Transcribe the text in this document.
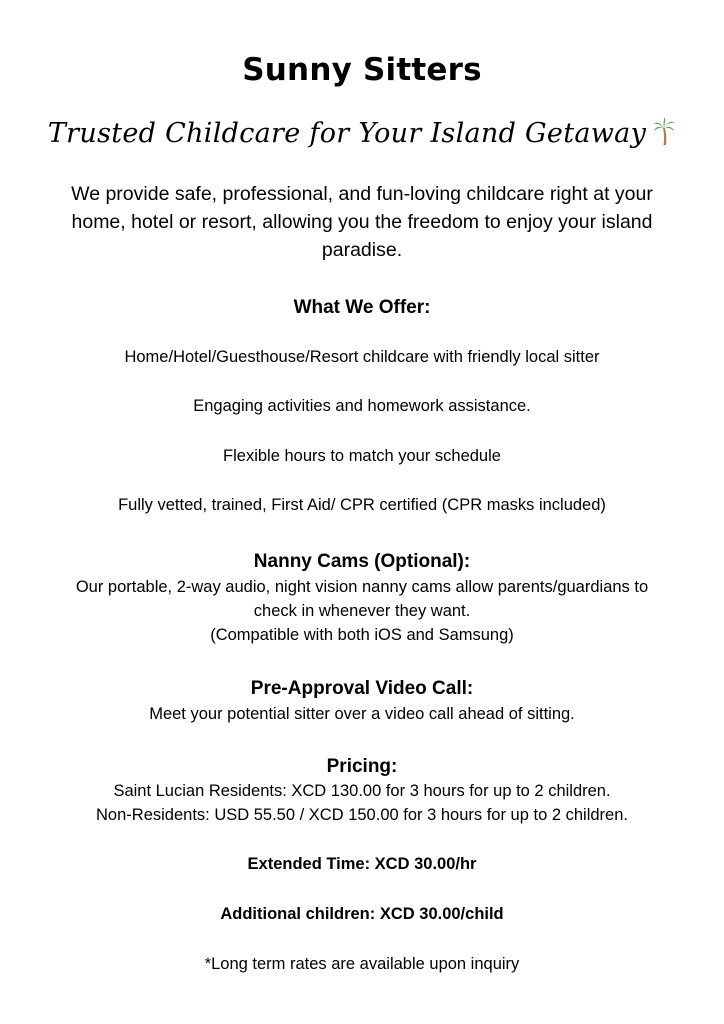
Sunny Sitters
Trusted Childcare for Your Island Getaway
We provide safe, professional, and fun-loving childcare right at your
home, hotel or resort, allowing you the freedom to enjoy your island
paradise.
What We Offer:
Home/Hotel/Guesthouse/Resort childcare with friendly local sitter
Engaging activities and homework assistance.
Flexible hours to match your schedule
Fully vetted, trained, First Aid/ CPR certified (CPR masks included)
Nanny Cams (Optional):
Our portable, 2-way audio, night vision nanny cams allow parents/guardians to
check in whenever they want.
(Compatible with both iOS and Samsung)
Pre-Approval Video Call:
Meet your potential sitter over a video call ahead of sitting.
Pricing:
Saint Lucian Residents: XCD 130.00 for 3 hours for up to 2 children.
Non-Residents: USD 55.50 / XCD 150.00 for 3 hours for up to 2 children.
Extended Time: XCD 30.00/hr
Additional children: XCD 30.00/child
*Long term rates are available upon inquiry
